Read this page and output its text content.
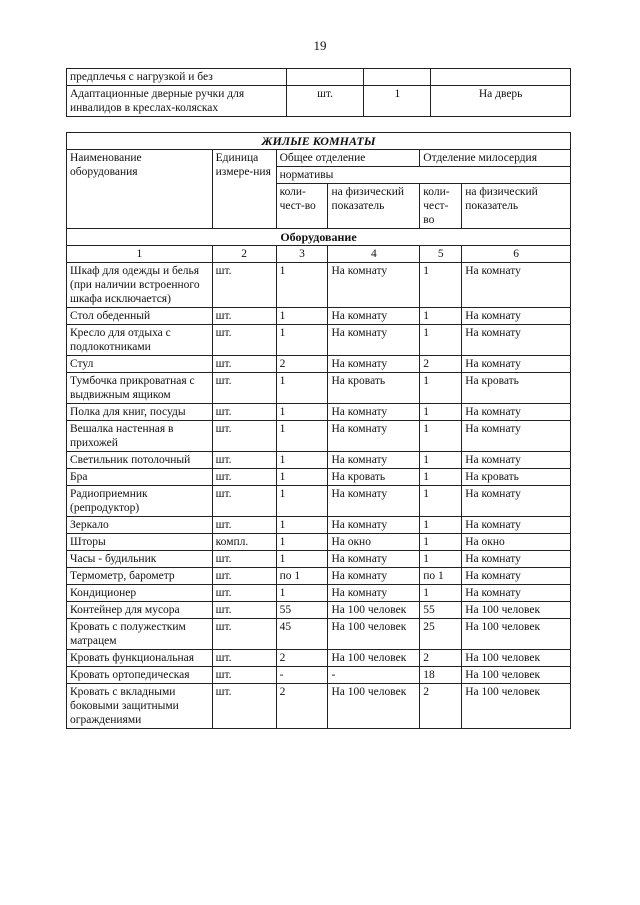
19
предплечья с нагрузкой и без			
Адаптационные дверные ручки для инвалидов в креслах-колясках	шт.	1	На дверь
ЖИЛЫЕ КОМНАТЫ					
Наименование оборудования	Единица измере-ния	Общее отделение		Отделение милосердия	
		нормативы			
		коли-чест-во	на физический показатель	коли-чест-во	на физический показатель
Оборудование					
1	2	3	4	5	6
Шкаф для одежды и белья (при наличии встроенного шкафа исключается)	шт.	1	На комнату	1	На комнату
Стол обеденный	шт.	1	На комнату	1	На комнату
Кресло для отдыха с подлокотниками	шт.	1	На комнату	1	На комнату
Стул	шт.	2	На комнату	2	На комнату
Тумбочка прикроватная с выдвижным ящиком	шт.	1	На кровать	1	На кровать
Полка для книг, посуды	шт.	1	На комнату	1	На комнату
Вешалка настенная в прихожей	шт.	1	На комнату	1	На комнату
Светильник потолочный	шт.	1	На комнату	1	На комнату
Бра	шт.	1	На кровать	1	На кровать
Радиоприемник (репродуктор)	шт.	1	На комнату	1	На комнату
Зеркало	шт.	1	На комнату	1	На комнату
Шторы	компл.	1	На окно	1	На окно
Часы - будильник	шт.	1	На комнату	1	На комнату
Термометр, барометр	шт.	по 1	На комнату	по 1	На комнату
Кондиционер	шт.	1	На комнату	1	На комнату
Контейнер для мусора	шт.	55	На 100 человек	55	На 100 человек
Кровать с полужестким матрацем	шт.	45	На 100 человек	25	На 100 человек
Кровать функциональная	шт.	2	На 100 человек	2	На 100 человек
Кровать ортопедическая	шт.	-	-	18	На 100 человек
Кровать с вкладными боковыми защитными ограждениями	шт.	2	На 100 человек	2	На 100 человек
